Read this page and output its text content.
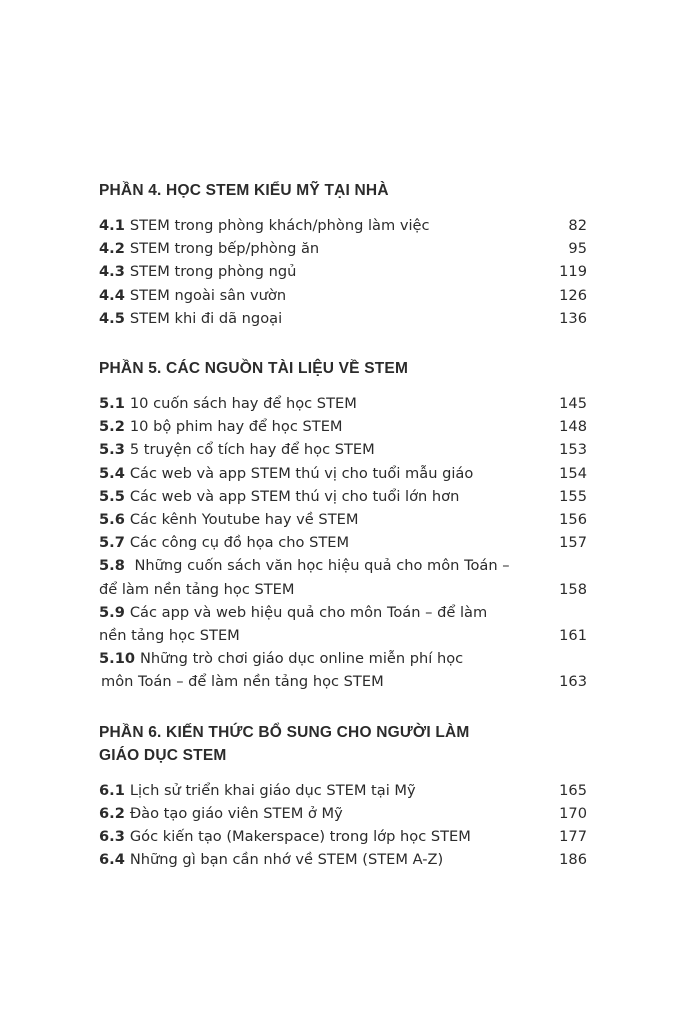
PHẦN 4. HỌC STEM KIỂU MỸ TẠI NHÀ
4.1 STEM trong phòng khách/phòng làm việc	82
4.2 STEM trong bếp/phòng ăn	95
4.3 STEM trong phòng ngủ	119
4.4 STEM ngoài sân vườn	126
4.5 STEM khi đi dã ngoại	136
PHẦN 5. CÁC NGUỒN TÀI LIỆU VỀ STEM
5.1 10 cuốn sách hay để học STEM	145
5.2 10 bộ phim hay để học STEM	148
5.3 5 truyện cổ tích hay để học STEM	153
5.4 Các web và app STEM thú vị cho tuổi mẫu giáo	154
5.5 Các web và app STEM thú vị cho tuổi lớn hơn	155
5.6 Các kênh Youtube hay về STEM	156
5.7 Các công cụ đồ họa cho STEM	157
5.8 Những cuốn sách văn học hiệu quả cho môn Toán –
để làm nền tảng học STEM	158
5.9 Các app và web hiệu quả cho môn Toán – để làm
nền tảng học STEM	161
5.10 Những trò chơi giáo dục online miễn phí học
môn Toán – để làm nền tảng học STEM	163
PHẦN 6. KIẾN THỨC BỔ SUNG CHO NGƯỜI LÀM
GIÁO DỤC STEM
6.1 Lịch sử triển khai giáo dục STEM tại Mỹ	165
6.2 Đào tạo giáo viên STEM ở Mỹ	170
6.3 Góc kiến tạo (Makerspace) trong lớp học STEM	177
6.4 Những gì bạn cần nhớ về STEM (STEM A-Z)	186
